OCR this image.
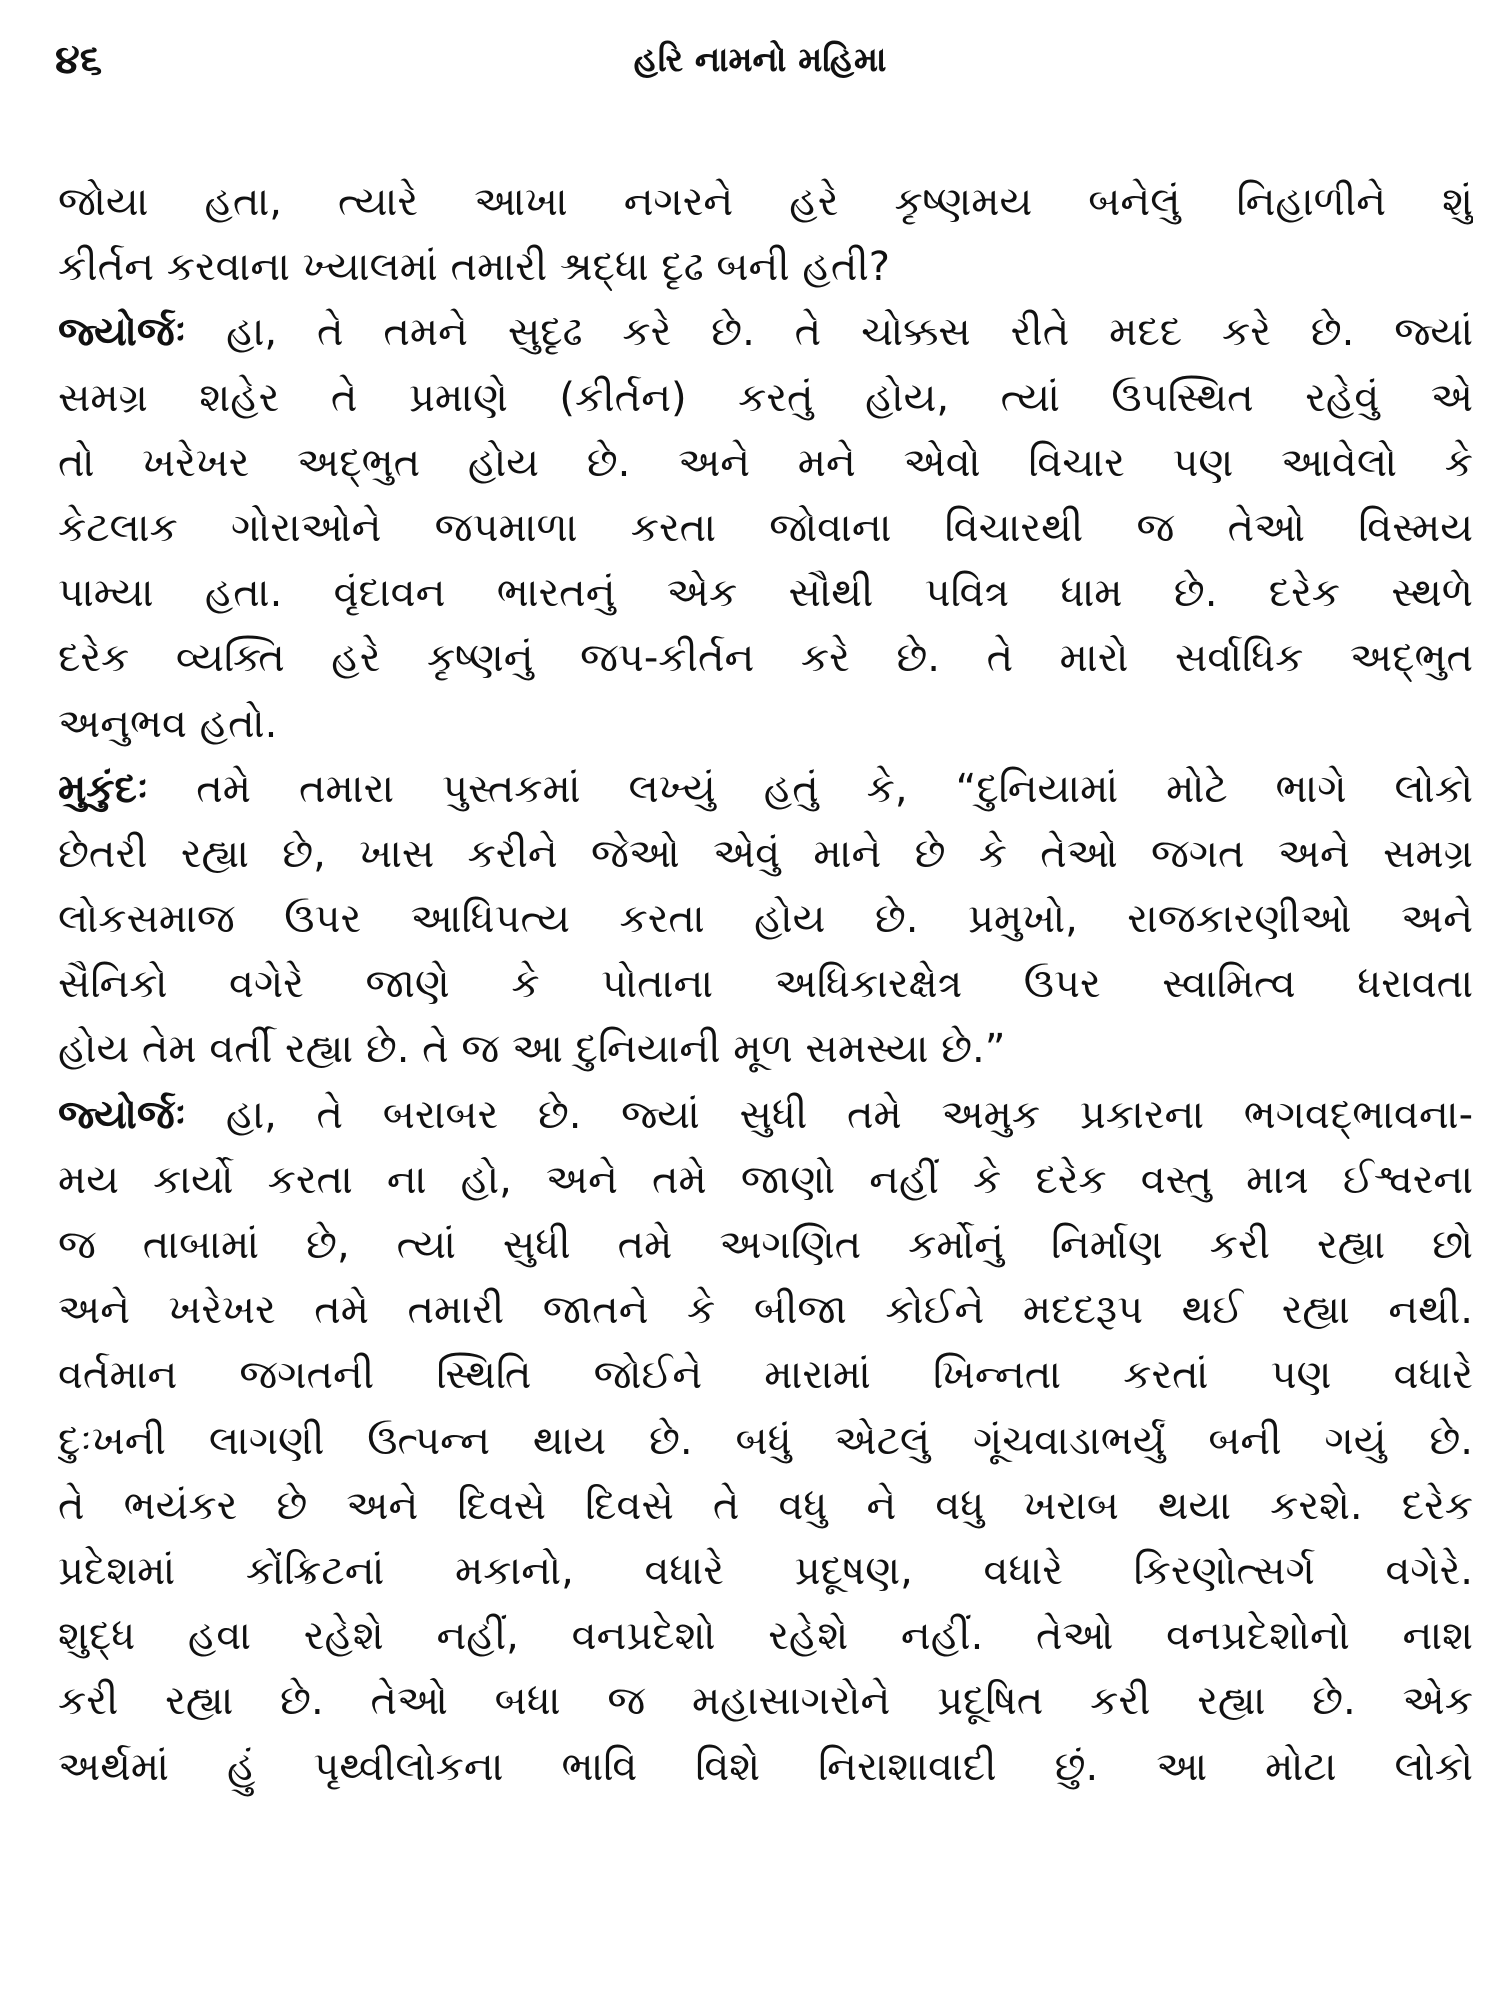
૪૬	હરિ નામનો મહિમા
જોયા હતા, ત્યારે આખા નગરને હરે કૃષ્ણમય બનેલું નિહાળીને શું
કીર્તન કરવાના ખ્યાલમાં તમારી શ્રદ્ધા દૃઢ બની હતી?
જ્યોર્જઃ હા, તે તમને સુદૃઢ કરે છે. તે ચોક્કસ રીતે મદદ કરે છે. જ્યાં
સમગ્ર શહેર તે પ્રમાણે (કીર્તન) કરતું હોય, ત્યાં ઉપસ્થિત રહેવું એ
તો ખરેખર અદ્ભુત હોય છે. અને મને એવો વિચાર પણ આવેલો કે
કેટલાક ગોરાઓને જપમાળા કરતા જોવાના વિચારથી જ તેઓ વિસ્મય
પામ્યા હતા. વૃંદાવન ભારતનું એક સૌથી પવિત્ર ધામ છે. દરેક સ્થળે
દરેક વ્યક્તિ હરે કૃષ્ણનું જપ-કીર્તન કરે છે. તે મારો સર્વાધિક અદ્ભુત
અનુભવ હતો.
મુકુંદઃ તમે તમારા પુસ્તકમાં લખ્યું હતું કે, “દુનિયામાં મોટે ભાગે લોકો
છેતરી રહ્યા છે, ખાસ કરીને જેઓ એવું માને છે કે તેઓ જગત અને સમગ્ર
લોકસમાજ ઉપર આધિપત્ય કરતા હોય છે. પ્રમુખો, રાજકારણીઓ અને
સૈનિકો વગેરે જાણે કે પોતાના અધિકારક્ષેત્ર ઉપર સ્વામિત્વ ધરાવતા
હોય તેમ વર્તી રહ્યા છે. તે જ આ દુનિયાની મૂળ સમસ્યા છે.”
જ્યોર્જઃ હા, તે બરાબર છે. જ્યાં સુધી તમે અમુક પ્રકારના ભગવદ્ભાવના-
મય કાર્યો કરતા ના હો, અને તમે જાણો નહીં કે દરેક વસ્તુ માત્ર ઈશ્વરના
જ તાબામાં છે, ત્યાં સુધી તમે અગણિત કર્મોનું નિર્માણ કરી રહ્યા છો
અને ખરેખર તમે તમારી જાતને કે બીજા કોઈને મદદરૂપ થઈ રહ્યા નથી.
વર્તમાન જગતની સ્થિતિ જોઈને મારામાં ખિન્નતા કરતાં પણ વધારે
દુઃખની લાગણી ઉત્પન્ન થાય છે. બધું એટલું ગૂંચવાડાભર્યું બની ગયું છે.
તે ભયંકર છે અને દિવસે દિવસે તે વધુ ને વધુ ખરાબ થયા કરશે. દરેક
પ્રદેશમાં કોંક્રિટનાં મકાનો, વધારે પ્રદૂષણ, વધારે કિરણોત્સર્ગ વગેરે.
શુદ્ધ હવા રહેશે નહીં, વનપ્રદેશો રહેશે નહીં. તેઓ વનપ્રદેશોનો નાશ
કરી રહ્યા છે. તેઓ બધા જ મહાસાગરોને પ્રદૂષિત કરી રહ્યા છે. એક
અર્થમાં હું પૃથ્વીલોકના ભાવિ વિશે નિરાશાવાદી છું. આ મોટા લોકો
